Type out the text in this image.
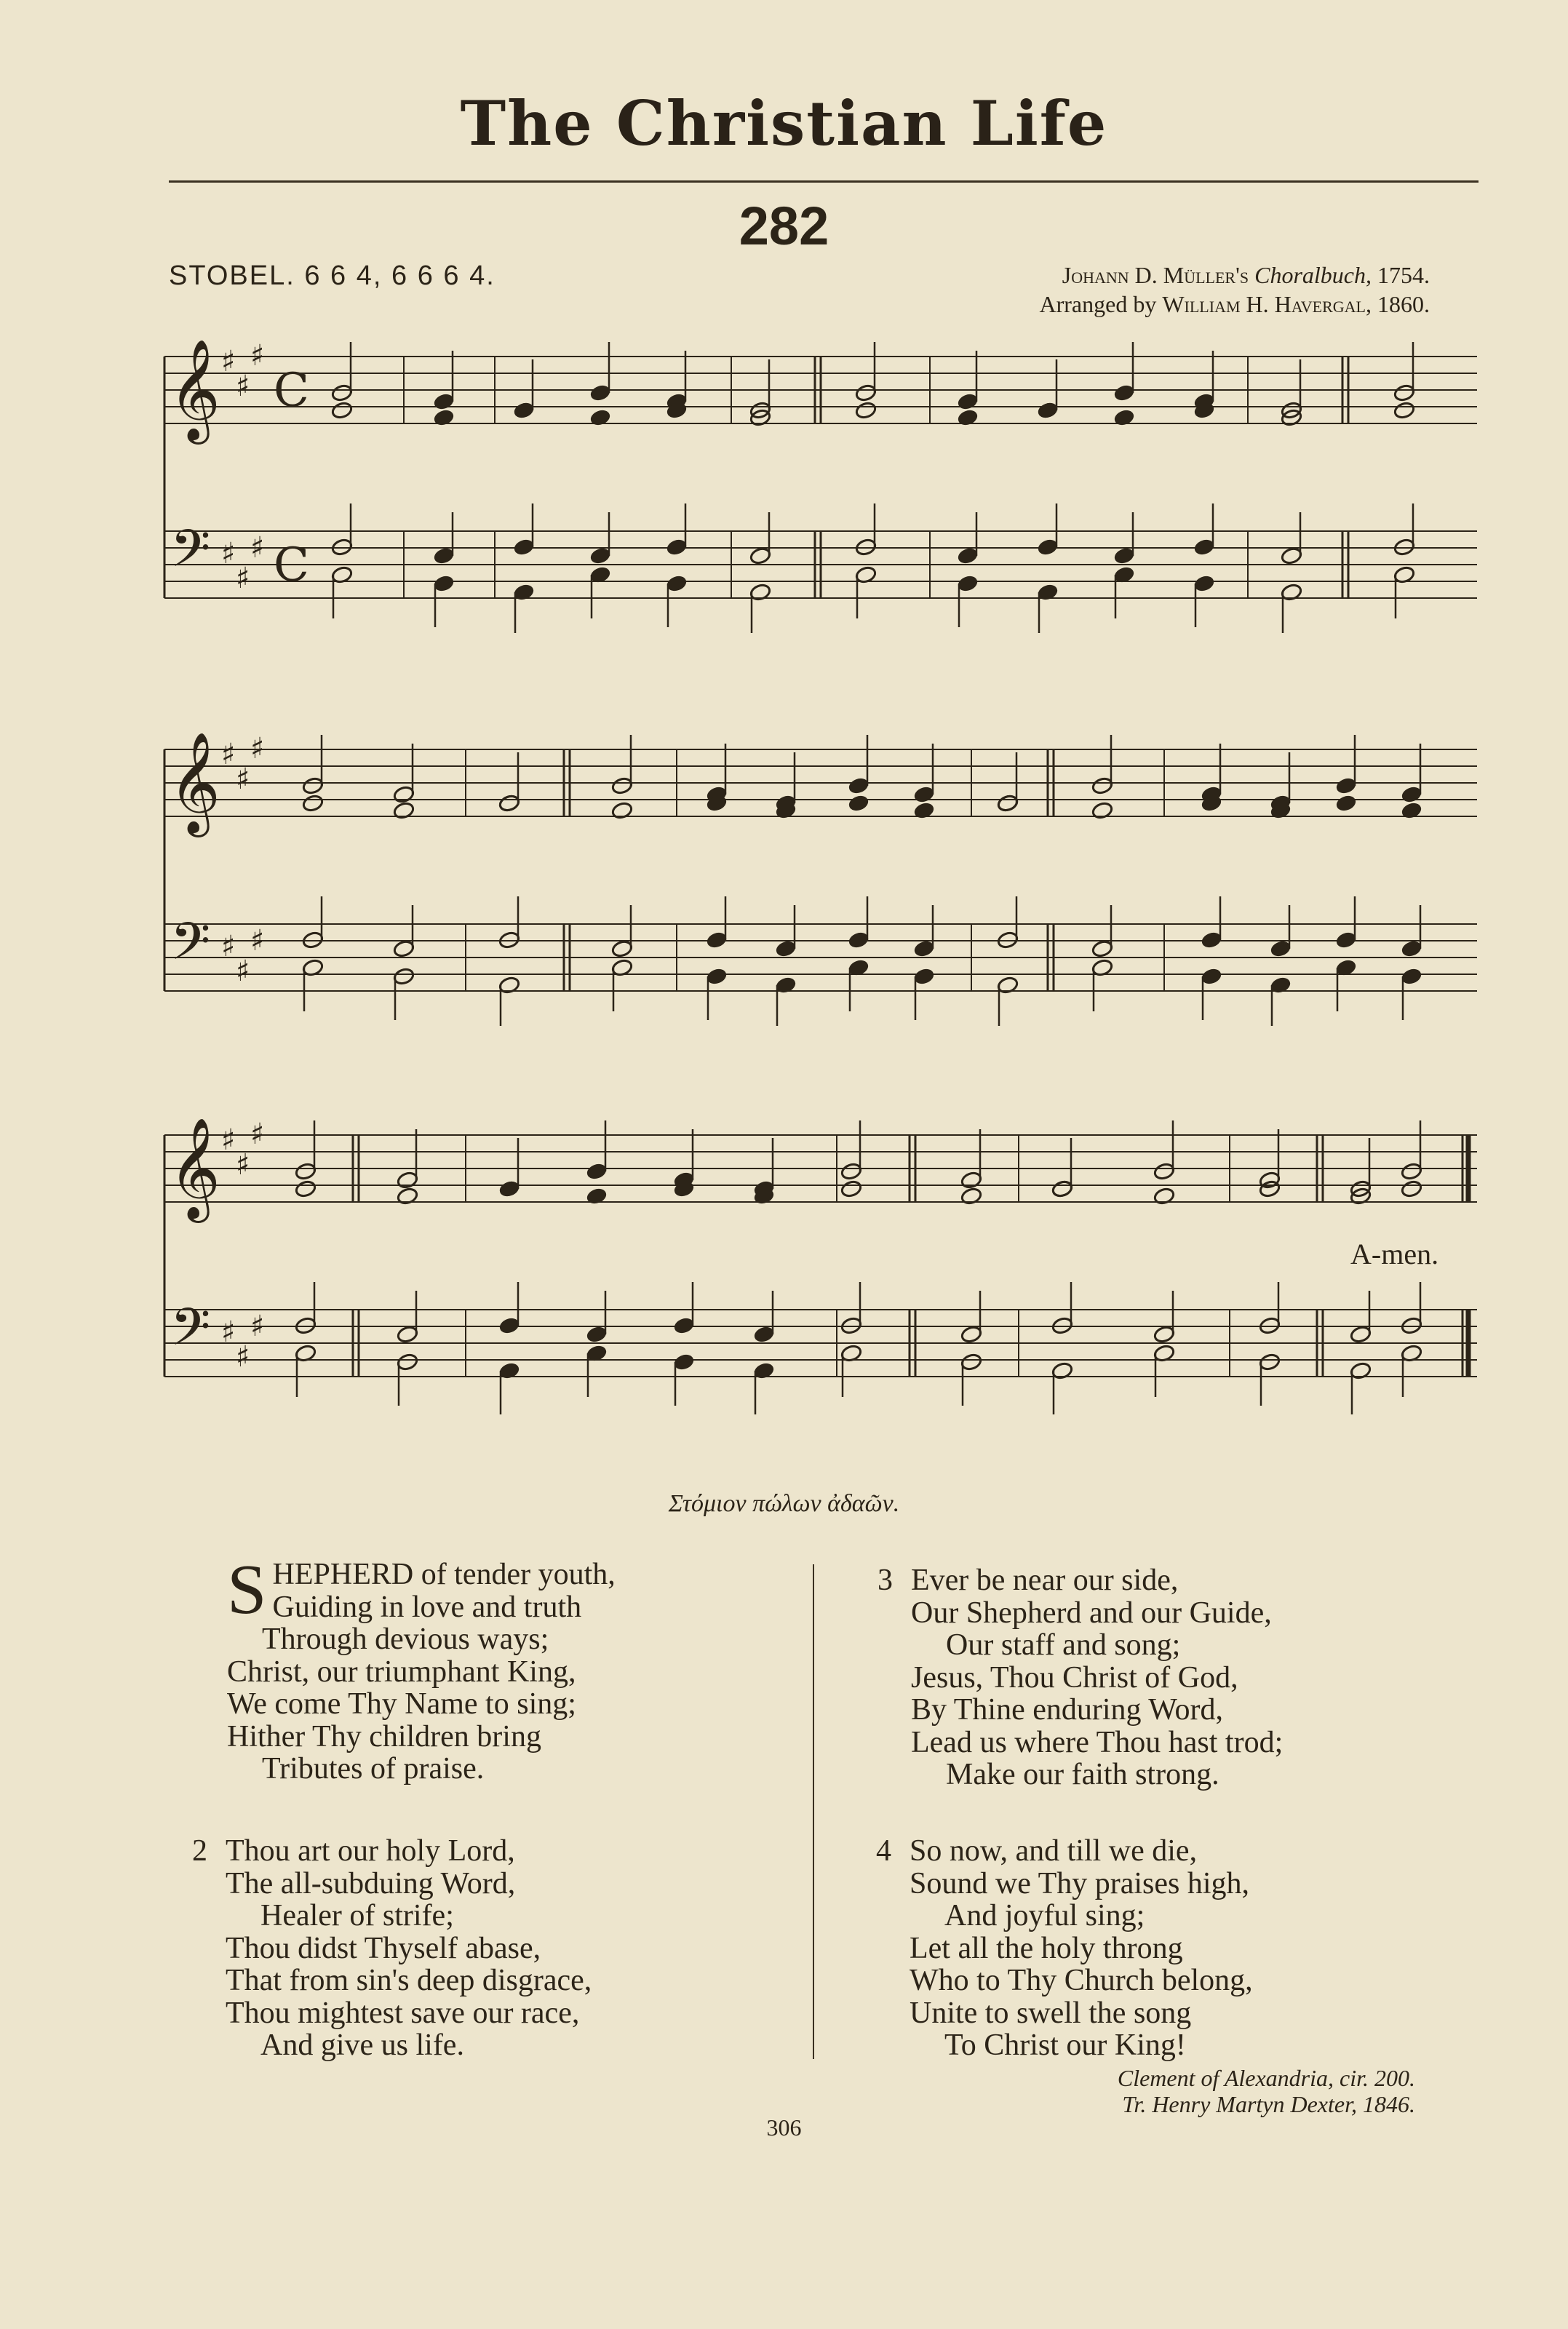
The Christian Life
282
STOBEL. 6 6 4, 6 6 6 4.	Johann D. Müller's Choralbuch, 1754.
Arranged by William H. Havergal, 1860.
𝄞
𝄢
♯
♯
♯
♯
♯
♯
C
C
𝄞
𝄢
♯
♯
♯
♯
♯
♯
𝄞
𝄢
♯
♯
♯
♯
♯
♯
A-men.
Στόμιον πώλων ἀδαῶν.
S HEPHERD of tender youth,
Guiding in love and truth
Through devious ways;
Christ, our triumphant King,
We come Thy Name to sing;
Hither Thy children bring
Tributes of praise.
2 Thou art our holy Lord,
The all-subduing Word,
Healer of strife;
Thou didst Thyself abase,
That from sin's deep disgrace,
Thou mightest save our race,
And give us life.
3 Ever be near our side,
Our Shepherd and our Guide,
Our staff and song;
Jesus, Thou Christ of God,
By Thine enduring Word,
Lead us where Thou hast trod;
Make our faith strong.
4 So now, and till we die,
Sound we Thy praises high,
And joyful sing;
Let all the holy throng
Who to Thy Church belong,
Unite to swell the song
To Christ our King!
Clement of Alexandria, cir. 200.
Tr. Henry Martyn Dexter, 1846.
306
